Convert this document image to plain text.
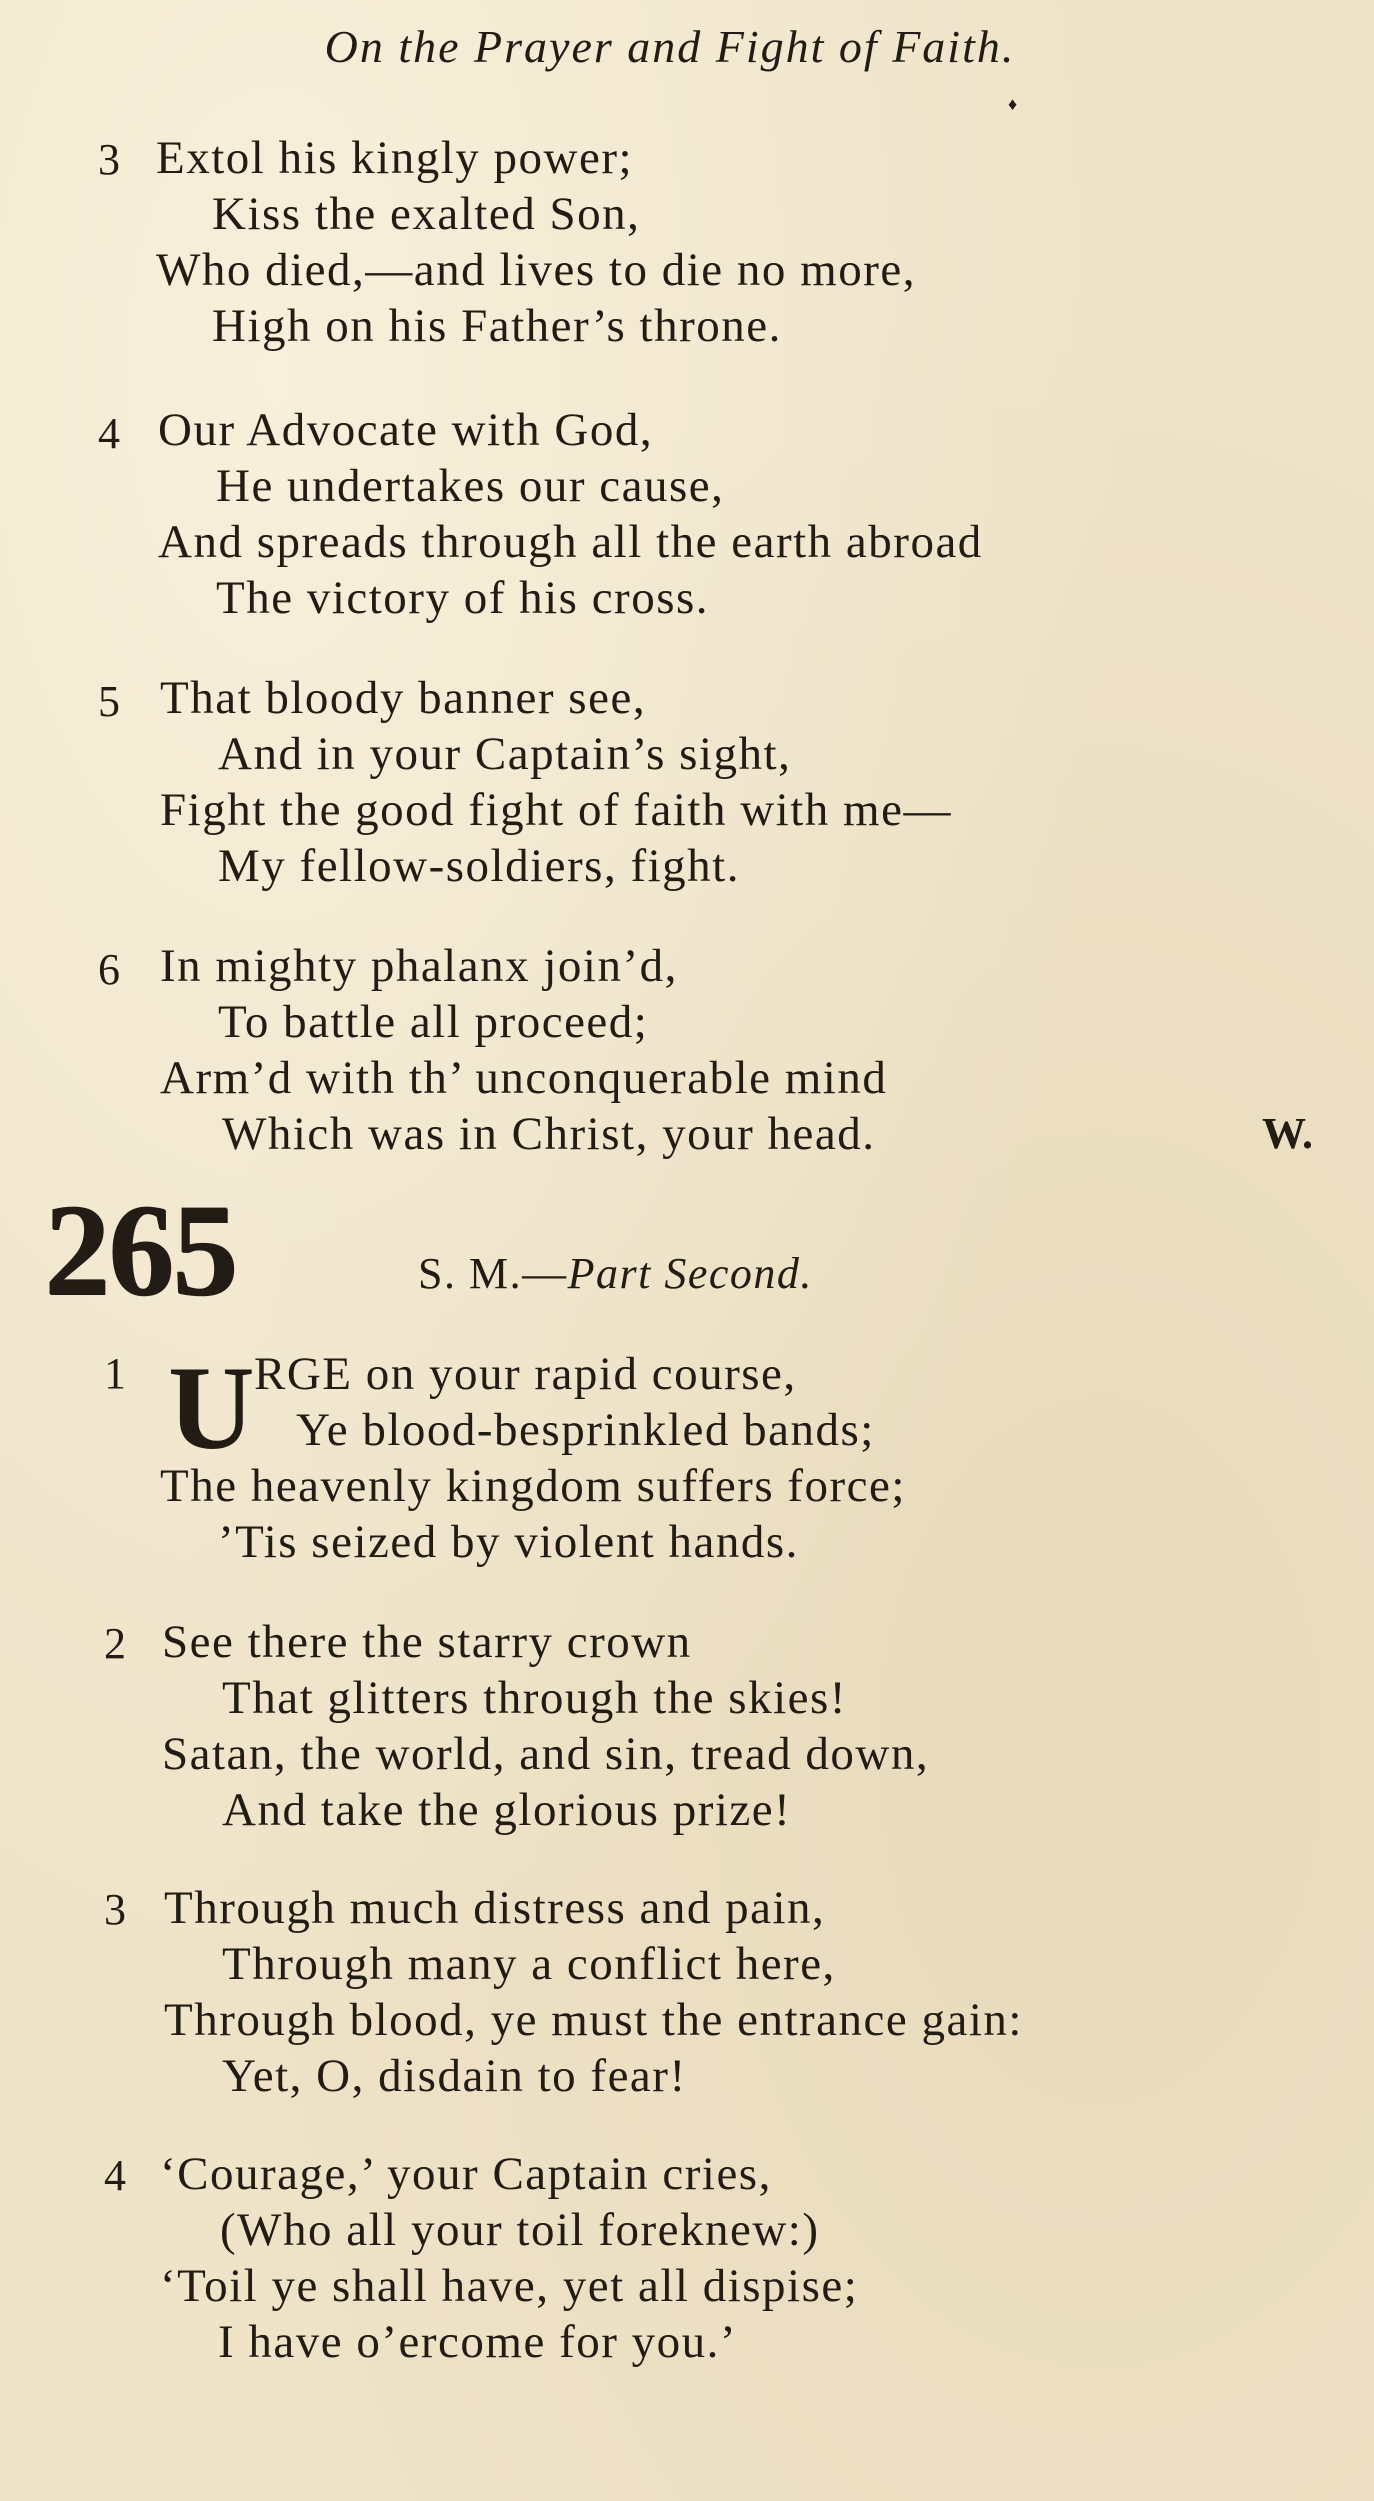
On the Prayer and Fight of Faith.
♦
3 Extol his kingly power;
Kiss the exalted Son,
Who died,—and lives to die no more,
High on his Father’s throne.
4 Our Advocate with God,
He undertakes our cause,
And spreads through all the earth abroad
The victory of his cross.
5 That bloody banner see,
And in your Captain’s sight,
Fight the good fight of faith with me—
My fellow-soldiers, fight.
6 In mighty phalanx join’d,
To battle all proceed;
Arm’d with th’ unconquerable mind
Which was in Christ, your head.	W.
265	S. M.—Part Second.
1 U RGE on your rapid course,
Ye blood-besprinkled bands;
The heavenly kingdom suffers force;
’Tis seized by violent hands.
2 See there the starry crown
That glitters through the skies!
Satan, the world, and sin, tread down,
And take the glorious prize!
3 Through much distress and pain,
Through many a conflict here,
Through blood, ye must the entrance gain:
Yet, O, disdain to fear!
4 ‘Courage,’ your Captain cries,
(Who all your toil foreknew:)
‘Toil ye shall have, yet all dispise;
I have o’ercome for you.’
